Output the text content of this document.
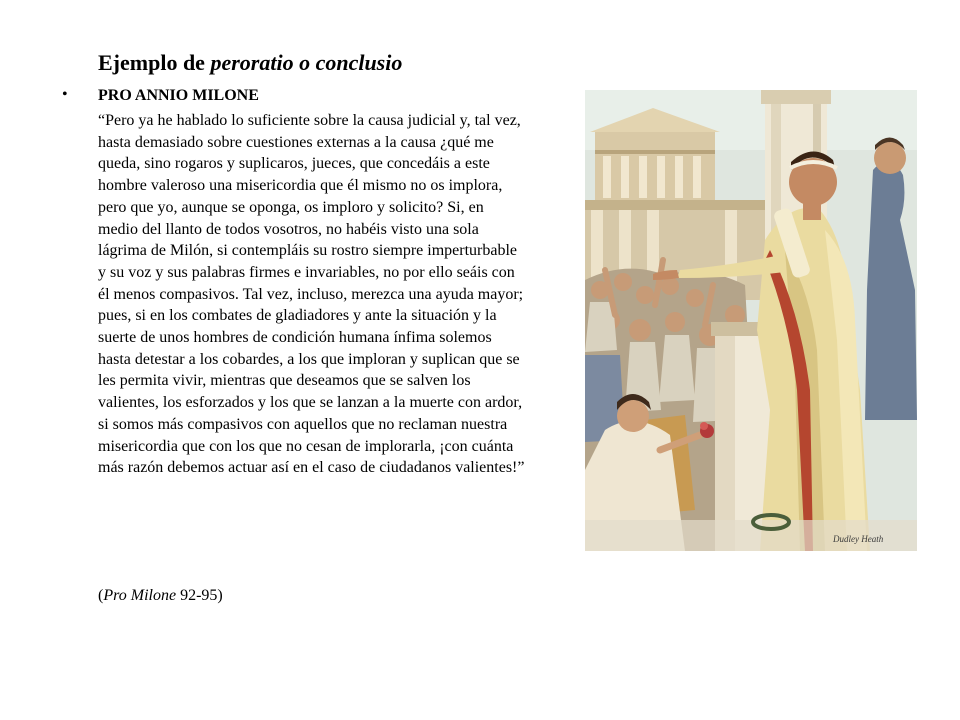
Ejemplo de peroratio o conclusio
• PRO ANNIO MILONE

“Pero ya he hablado lo suficiente sobre la causa judicial y, tal vez, hasta demasiado sobre cuestiones externas a la causa ¿qué me queda, sino rogaros y suplicaros, jueces, que concedáis a este hombre valeroso una misericordia que él mismo no os implora, pero que yo, aunque se oponga, os imploro y solicito? Si, en medio del llanto de todos vosotros, no habéis visto una sola lágrima de Milón, si contempláis su rostro siempre imperturbable y su voz y sus palabras firmes e invariables, no por ello seáis con él menos compasivos. Tal vez, incluso, merezca una ayuda mayor; pues, si en los combates de gladiadores y ante la situación y la suerte de unos hombres de condición humana ínfima solemos hasta detestar a los cobardes, a los que imploran y suplican que se les permita vivir, mientras que deseamos que se salven los valientes, los esforzados y los que se lanzan a la muerte con ardor, si somos más compasivos con aquellos que no reclaman nuestra misericordia que con los que no cesan de implorarla, ¡con cuánta más razón debemos actuar así en el caso de ciudadanos valientes!”

(Pro Milone 92-95)
Dudley Heath
